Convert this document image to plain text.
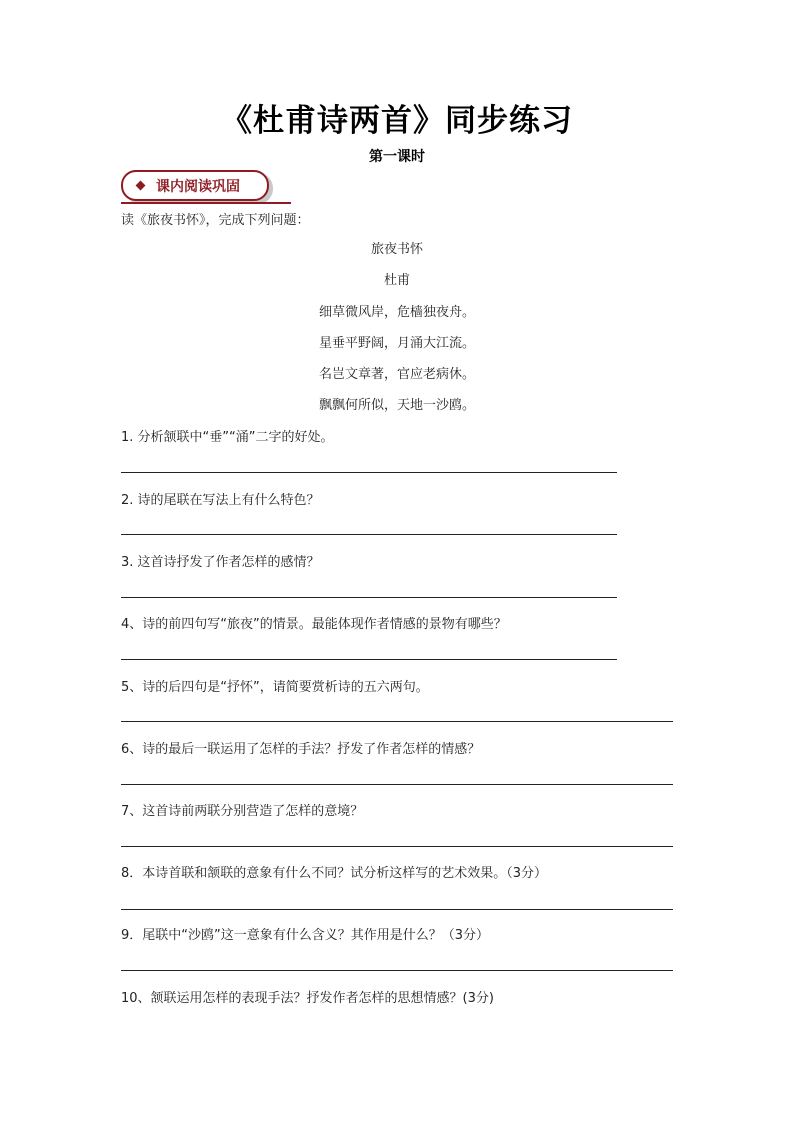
《杜甫诗两首》同步练习
第一课时
课内阅读巩固
读《旅夜书怀》，完成下列问题：
旅夜书怀
杜甫
细草微风岸，危樯独夜舟。
星垂平野阔，月涌大江流。
名岂文章著，官应老病休。
飘飘何所似，天地一沙鸥。
1. 分析颔联中“垂”“涌”二字的好处。
2. 诗的尾联在写法上有什么特色？
3. 这首诗抒发了作者怎样的感情？
4、诗的前四句写“旅夜”的情景。最能体现作者情感的景物有哪些？
5、诗的后四句是“抒怀”，请简要赏析诗的五六两句。
6、诗的最后一联运用了怎样的手法？抒发了作者怎样的情感？
7、这首诗前两联分别营造了怎样的意境？
8．本诗首联和颔联的意象有什么不同？试分析这样写的艺术效果。（3分）
9．尾联中“沙鸥”这一意象有什么含义？其作用是什么？（3分）
10、颔联运用怎样的表现手法？抒发作者怎样的思想情感？(3分)
